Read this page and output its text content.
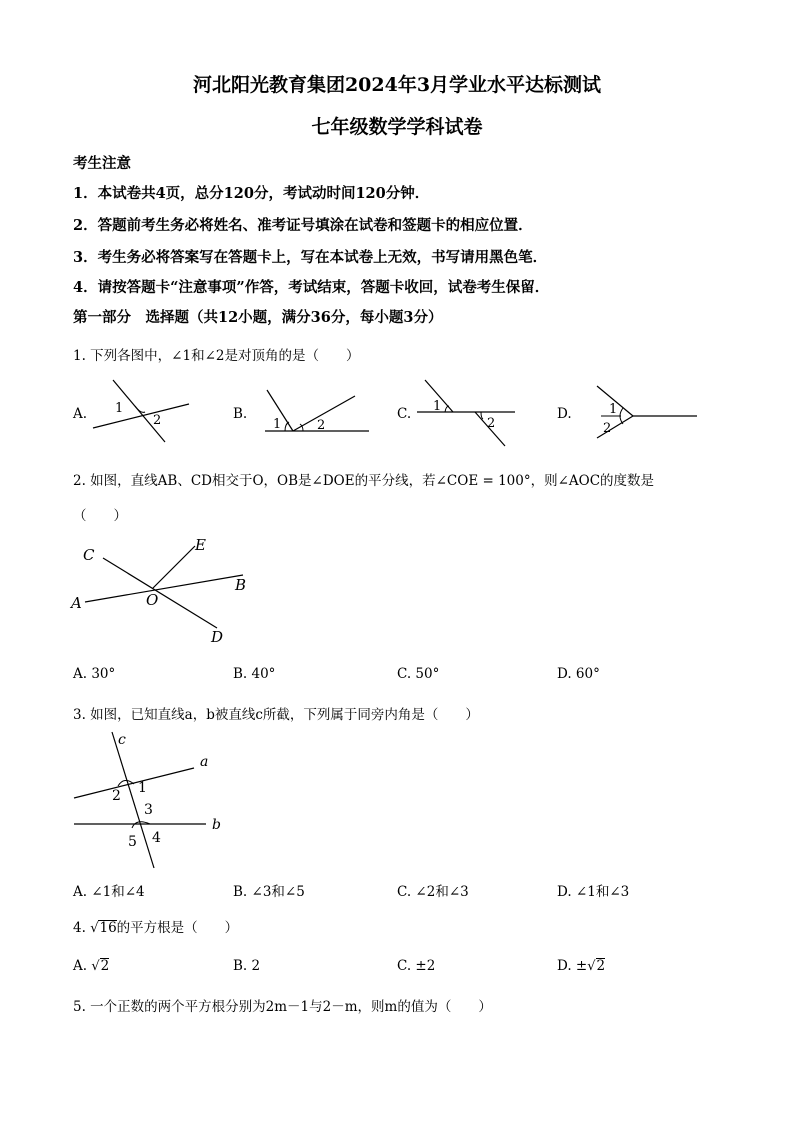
河北阳光教育集团2024年3月学业水平达标测试
七年级数学学科试卷
考生注意
1．本试卷共4页，总分120分，考试动时间120分钟．
2．答题前考生务必将姓名、准考证号填涂在试卷和签题卡的相应位置．
3．考生务必将答案写在答题卡上，写在本试卷上无效，书写请用黑色笔．
4．请按答题卡“注意事项”作答，考试结束，答题卡收回，试卷考生保留．
第一部分　选择题（共12小题，满分36分，每小题3分）
1. 下列各图中，∠1和∠2是对顶角的是（　　）
A. 1
2	B.
1	2
C. 1
2
D.	1
2
2. 如图，直线AB、CD相交于O，OB是∠DOE的平分线，若∠COE = 100°，则∠AOC的度数是
（　　）
C
E
A	O
B
D
A. 30°	B. 40°	C. 50°	D. 60°
3. 如图，已知直线a，b被直线c所截，下列属于同旁内角是（　　）
c
a
b
1
2
3
4
5
A. ∠1和∠4	B. ∠3和∠5	C. ∠2和∠3	D. ∠1和∠3
4. √16的平方根是（　　）
A. √2	B. 2	C. ±2	D. ±√2
5. 一个正数的两个平方根分别为2m－1与2－m，则m的值为（　　）
